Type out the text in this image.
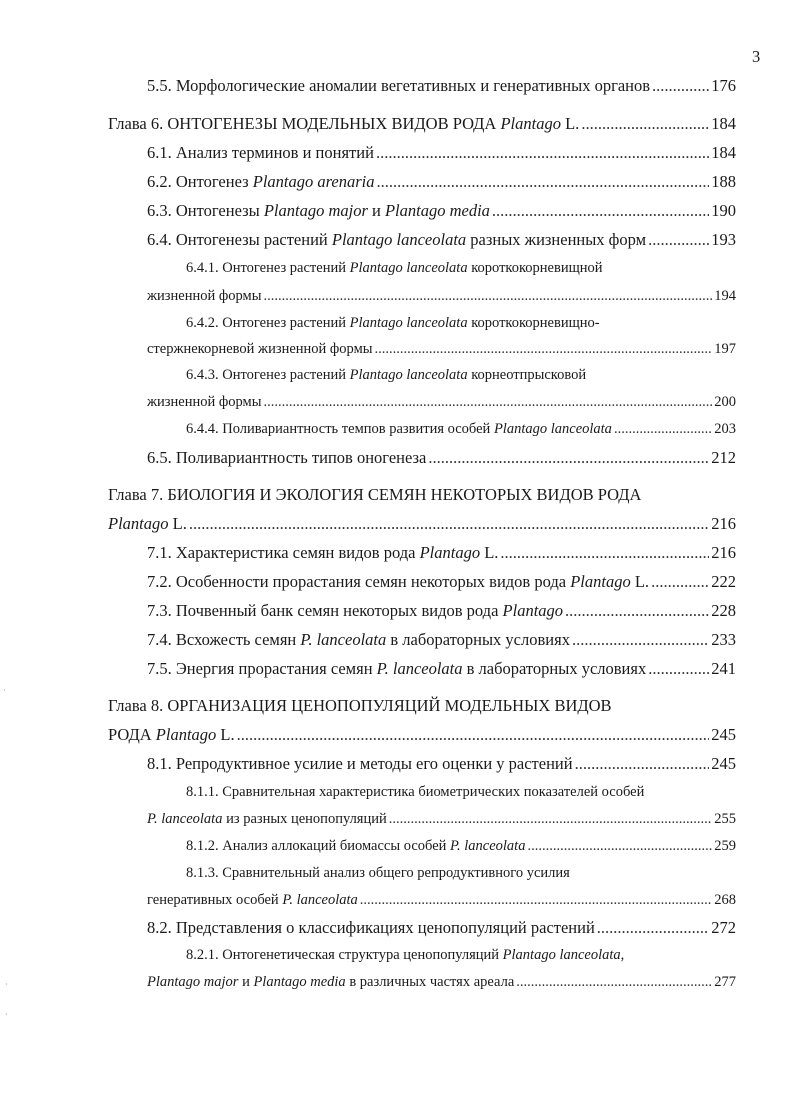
3
5.5. Морфологические аномалии вегетативных и генеративных органов .....	176
Глава 6. ОНТОГЕНЕЗЫ МОДЕЛЬНЫХ ВИДОВ РОДА Plantago L. .....	184
6.1. Анализ терминов и понятий .....	184
6.2. Онтогенез Plantago arenaria .....	188
6.3. Онтогенезы Plantago major и Plantago media .....	190
6.4. Онтогенезы растений Plantago lanceolata разных жизненных форм .....	193
6.4.1. Онтогенез растений Plantago lanceolata короткокорневищной
жизненной формы .....	194
6.4.2. Онтогенез растений Plantago lanceolata короткокорневищно-
стержнекорневой жизненной формы .....	197
6.4.3. Онтогенез растений Plantago lanceolata корнеотпрысковой
жизненной формы .....	200
6.4.4. Поливариантность темпов развития особей Plantago lanceolata .....	203
6.5. Поливариантность типов оногенеза .....	212
Глава 7. БИОЛОГИЯ И ЭКОЛОГИЯ СЕМЯН НЕКОТОРЫХ ВИДОВ РОДА
Plantago L. .....	216
7.1. Характеристика семян видов рода Plantago L. .....	216
7.2. Особенности прорастания семян некоторых видов рода Plantago L. .....	222
7.3. Почвенный банк семян некоторых видов рода Plantago .....	228
7.4. Всхожесть семян P. lanceolata в лабораторных условиях .....	233
7.5. Энергия прорастания семян P. lanceolata в лабораторных условиях .....	241
Глава 8. ОРГАНИЗАЦИЯ ЦЕНОПОПУЛЯЦИЙ МОДЕЛЬНЫХ ВИДОВ
РОДА Plantago L. .....	245
8.1. Репродуктивное усилие и методы его оценки у растений .....	245
8.1.1. Сравнительная характеристика биометрических показателей особей
P. lanceolata из разных ценопопуляций .....	255
8.1.2. Анализ аллокаций биомассы особей P. lanceolata .....	259
8.1.3. Сравнительный анализ общего репродуктивного усилия
генеративных особей P. lanceolata .....	268
8.2. Представления о классификациях ценопопуляций растений .....	272
8.2.1. Онтогенетическая структура ценопопуляций Plantago lanceolata,
Plantago major и Plantago media в различных частях ареала .....	277
·
·
·
